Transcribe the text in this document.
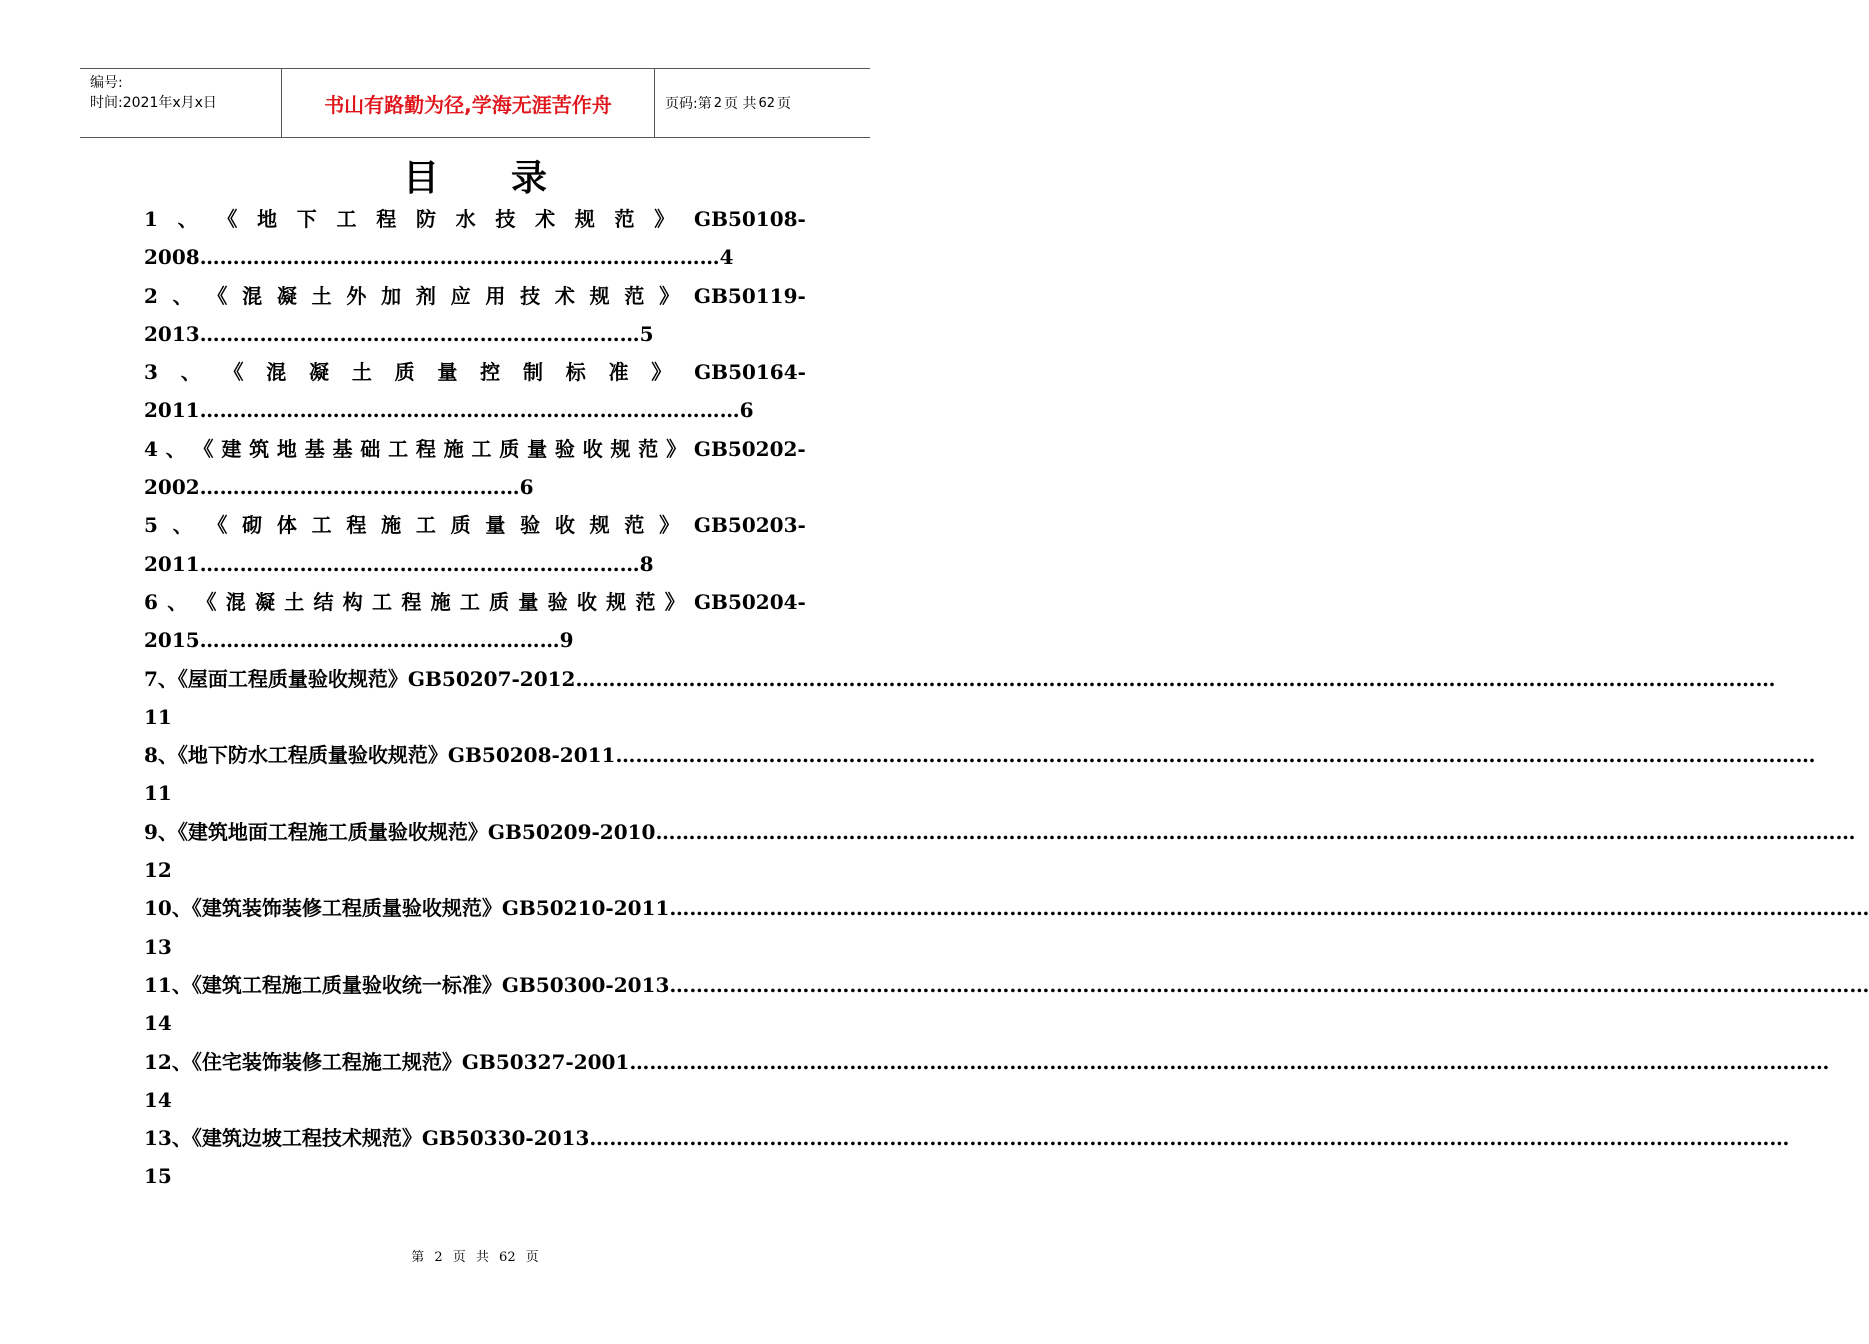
编号:
时间:2021年x月x日	书山有路勤为径,学海无涯苦作舟	页码:第 2 页 共 62 页
目录
1 、 《 地 下 工 程 防 水 技 术 规 范 》 GB50108-
2008……………………………………………………………………4
2 、 《 混 凝 土 外 加 剂 应 用 技 术 规 范 》 GB50119-
2013…………………………………………………………5
3 、 《 混 凝 土 质 量 控 制 标 准 》 GB50164-
2011………………………………………………………………………6
4 、 《 建 筑 地 基 基 础 工 程 施 工 质 量 验 收 规 范 》 GB50202-
2002…………………………………………6
5 、 《 砌 体 工 程 施 工 质 量 验 收 规 范 》 GB50203-
2011…………………………………………………………8
6 、 《 混 凝 土 结 构 工 程 施 工 质 量 验 收 规 范 》 GB50204-
2015………………………………………………9
7、《屋面工程质量验收规范》GB50207-2012 ………………………………………………………………………………………………………………………………………………………………
11
8、《地下防水工程质量验收规范》GB50208-2011 ………………………………………………………………………………………………………………………………………………………………
11
9、《建筑地面工程施工质量验收规范》GB50209-2010 ………………………………………………………………………………………………………………………………………………………………
12
10、《建筑装饰装修工程质量验收规范》GB50210-2011 ………………………………………………………………………………………………………………………………………………………………
13
11、《建筑工程施工质量验收统一标准》GB50300-2013 ………………………………………………………………………………………………………………………………………………………………
14
12、《住宅装饰装修工程施工规范》GB50327-2001 ………………………………………………………………………………………………………………………………………………………………
14
13、《建筑边坡工程技术规范》GB50330-2013 ………………………………………………………………………………………………………………………………………………………………
15
第 2 页 共 62 页
